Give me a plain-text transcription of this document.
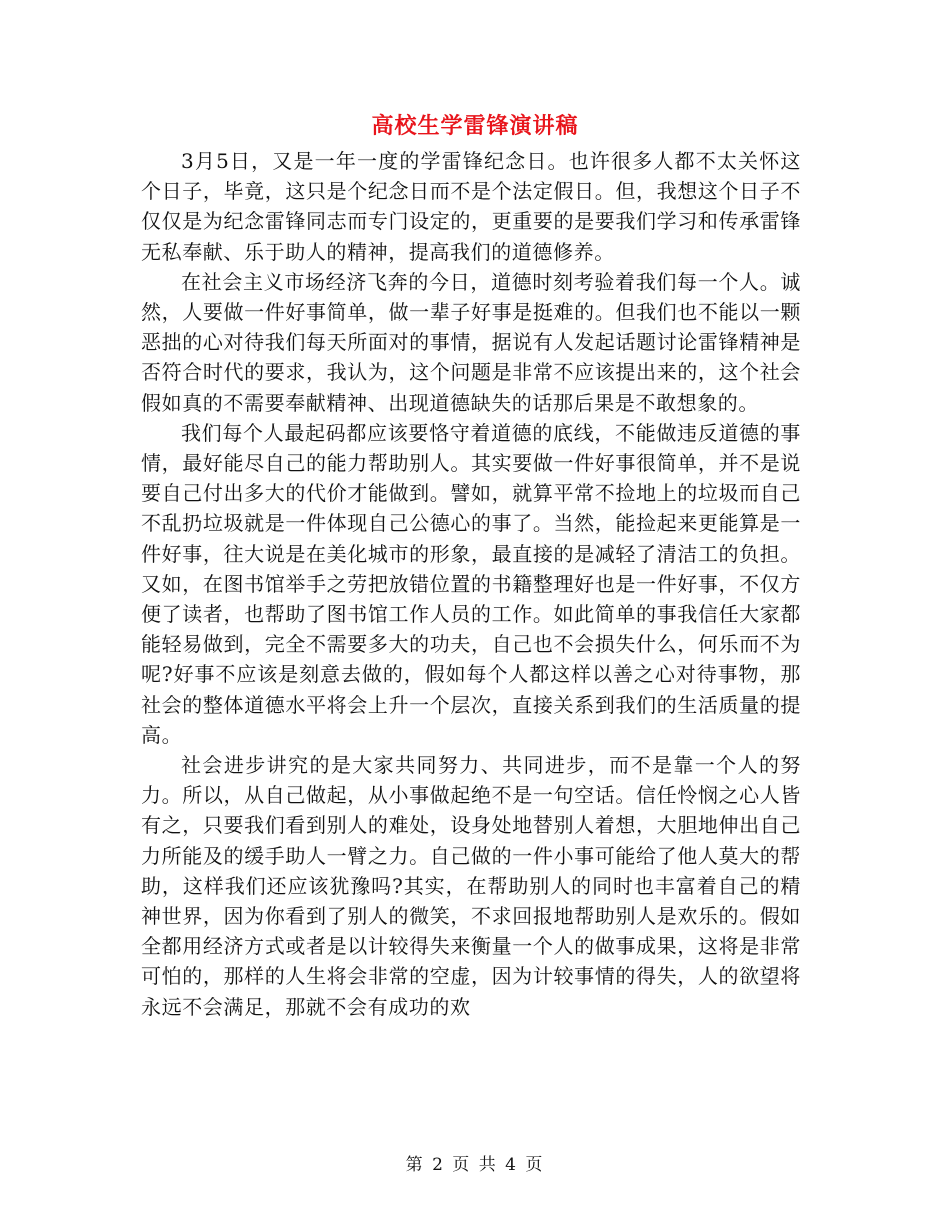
高校生学雷锋演讲稿

3月5日，又是一年一度的学雷锋纪念日。也许很多人都不太关怀这个日子，毕竟，这只是个纪念日而不是个法定假日。但，我想这个日子不仅仅是为纪念雷锋同志而专门设定的，更重要的是要我们学习和传承雷锋无私奉献、乐于助人的精神，提高我们的道德修养。

在社会主义市场经济飞奔的今日，道德时刻考验着我们每一个人。诚然，人要做一件好事简单，做一辈子好事是挺难的。但我们也不能以一颗恶拙的心对待我们每天所面对的事情，据说有人发起话题讨论雷锋精神是否符合时代的要求，我认为，这个问题是非常不应该提出来的，这个社会假如真的不需要奉献精神、出现道德缺失的话那后果是不敢想象的。

我们每个人最起码都应该要恪守着道德的底线，不能做违反道德的事情，最好能尽自己的能力帮助别人。其实要做一件好事很简单，并不是说要自己付出多大的代价才能做到。譬如，就算平常不捡地上的垃圾而自己不乱扔垃圾就是一件体现自己公德心的事了。当然，能捡起来更能算是一件好事，往大说是在美化城市的形象，最直接的是减轻了清洁工的负担。又如，在图书馆举手之劳把放错位置的书籍整理好也是一件好事，不仅方便了读者，也帮助了图书馆工作人员的工作。如此简单的事我信任大家都能轻易做到，完全不需要多大的功夫，自己也不会损失什么，何乐而不为呢?好事不应该是刻意去做的，假如每个人都这样以善之心对待事物，那社会的整体道德水平将会上升一个层次，直接关系到我们的生活质量的提高。

社会进步讲究的是大家共同努力、共同进步，而不是靠一个人的努力。所以，从自己做起，从小事做起绝不是一句空话。信任怜悯之心人皆有之，只要我们看到别人的难处，设身处地替别人着想，大胆地伸出自己力所能及的缓手助人一臂之力。自己做的一件小事可能给了他人莫大的帮助，这样我们还应该犹豫吗?其实，在帮助别人的同时也丰富着自己的精神世界，因为你看到了别人的微笑，不求回报地帮助别人是欢乐的。假如全都用经济方式或者是以计较得失来衡量一个人的做事成果，这将是非常可怕的，那样的人生将会非常的空虚，因为计较事情的得失，人的欲望将永远不会满足，那就不会有成功的欢

第 2 页 共 4 页
